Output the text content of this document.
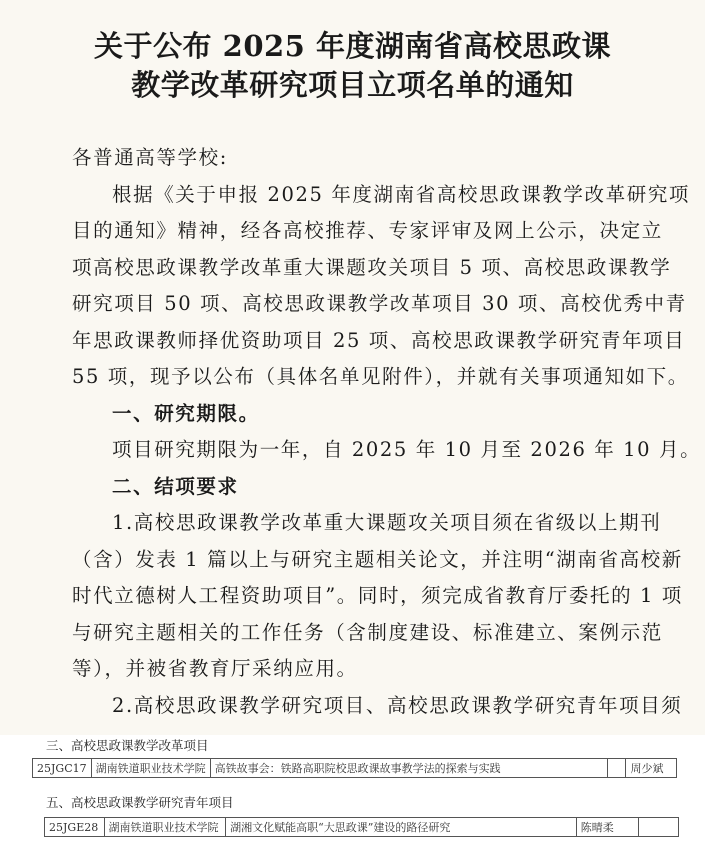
关于公布 2025 年度湖南省高校思政课
教学改革研究项目立项名单的通知
各普通高等学校:
根据《关于申报 2025 年度湖南省高校思政课教学改革研究项
目的通知》精神，经各高校推荐、专家评审及网上公示，决定立
项高校思政课教学改革重大课题攻关项目 5 项、高校思政课教学
研究项目 50 项、高校思政课教学改革项目 30 项、高校优秀中青
年思政课教师择优资助项目 25 项、高校思政课教学研究青年项目
55 项，现予以公布（具体名单见附件），并就有关事项通知如下。
一、研究期限。
项目研究期限为一年，自 2025 年 10 月至 2026 年 10 月。
二、结项要求
1.高校思政课教学改革重大课题攻关项目须在省级以上期刊
（含）发表 1 篇以上与研究主题相关论文，并注明“湖南省高校新
时代立德树人工程资助项目”。同时，须完成省教育厅委托的 1 项
与研究主题相关的工作任务（含制度建设、标准建立、案例示范
等），并被省教育厅采纳应用。
2.高校思政课教学研究项目、高校思政课教学研究青年项目须
三、高校思政课教学改革项目
25JGC17	湖南铁道职业技术学院	高铁故事会：铁路高职院校思政课故事教学法的探索与实践		周少斌
五、高校思政课教学研究青年项目
25JGE28	湖南铁道职业技术学院	湖湘文化赋能高职“大思政课”建设的路径研究	陈晴柔	
